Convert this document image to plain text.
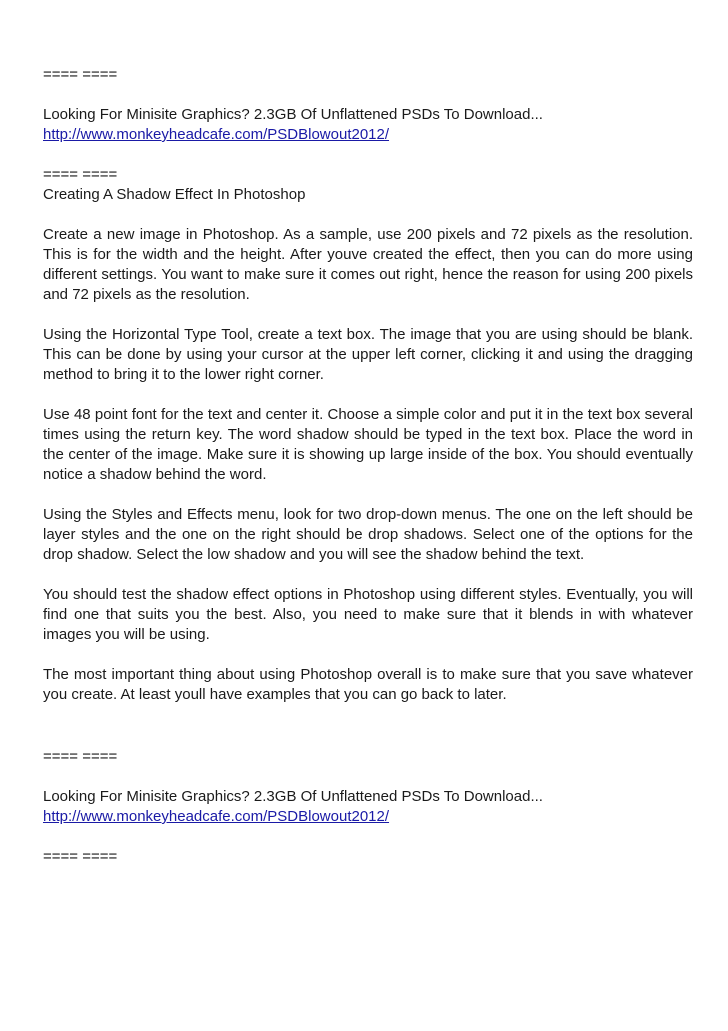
==== ====
Looking For Minisite Graphics? 2.3GB Of Unflattened PSDs To Download...
http://www.monkeyheadcafe.com/PSDBlowout2012/
==== ====
Creating A Shadow Effect In Photoshop

Create a new image in Photoshop. As a sample, use 200 pixels and 72 pixels as the resolution. This is for the width and the height. After youve created the effect, then you can do more using different settings. You want to make sure it comes out right, hence the reason for using 200 pixels and 72 pixels as the resolution.

Using the Horizontal Type Tool, create a text box. The image that you are using should be blank. This can be done by using your cursor at the upper left corner, clicking it and using the dragging method to bring it to the lower right corner.

Use 48 point font for the text and center it. Choose a simple color and put it in the text box several times using the return key. The word shadow should be typed in the text box. Place the word in the center of the image. Make sure it is showing up large inside of the box. You should eventually notice a shadow behind the word.

Using the Styles and Effects menu, look for two drop-down menus. The one on the left should be layer styles and the one on the right should be drop shadows. Select one of the options for the drop shadow. Select the low shadow and you will see the shadow behind the text.

You should test the shadow effect options in Photoshop using different styles. Eventually, you will find one that suits you the best. Also, you need to make sure that it blends in with whatever images you will be using.

The most important thing about using Photoshop overall is to make sure that you save whatever you create. At least youll have examples that you can go back to later.

==== ====
Looking For Minisite Graphics? 2.3GB Of Unflattened PSDs To Download...
http://www.monkeyheadcafe.com/PSDBlowout2012/
==== ====
